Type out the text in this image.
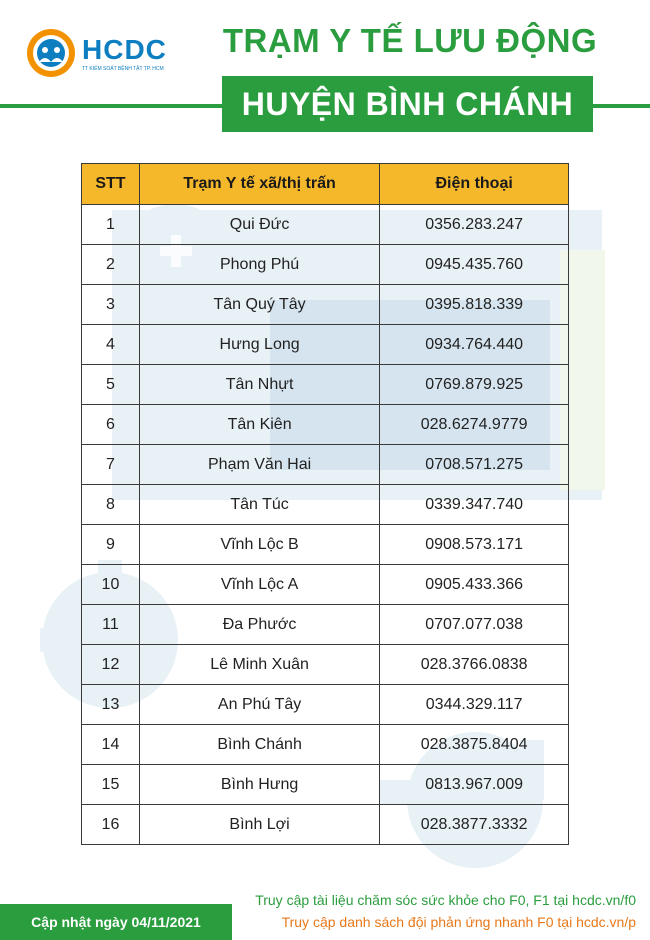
HCDC
TT KIỂM SOÁT BỆNH TẬT TP. HCM
TRẠM Y TẾ LƯU ĐỘNG
HUYỆN BÌNH CHÁNH
STT	Trạm Y tế xã/thị trấn	Điện thoại
1	Qui Đức	0356.283.247
2	Phong Phú	0945.435.760
3	Tân Quý Tây	0395.818.339
4	Hưng Long	0934.764.440
5	Tân Nhựt	0769.879.925
6	Tân Kiên	028.6274.9779
7	Phạm Văn Hai	0708.571.275
8	Tân Túc	0339.347.740
9	Vĩnh Lộc B	0908.573.171
10	Vĩnh Lộc A	0905.433.366
11	Đa Phước	0707.077.038
12	Lê Minh Xuân	028.3766.0838
13	An Phú Tây	0344.329.117
14	Bình Chánh	028.3875.8404
15	Bình Hưng	0813.967.009
16	Bình Lợi	028.3877.3332
Truy cập tài liệu chăm sóc sức khỏe cho F0, F1 tại hcdc.vn/f0
Truy cập danh sách đội phản ứng nhanh F0 tại hcdc.vn/p
Cập nhật ngày 04/11/2021
